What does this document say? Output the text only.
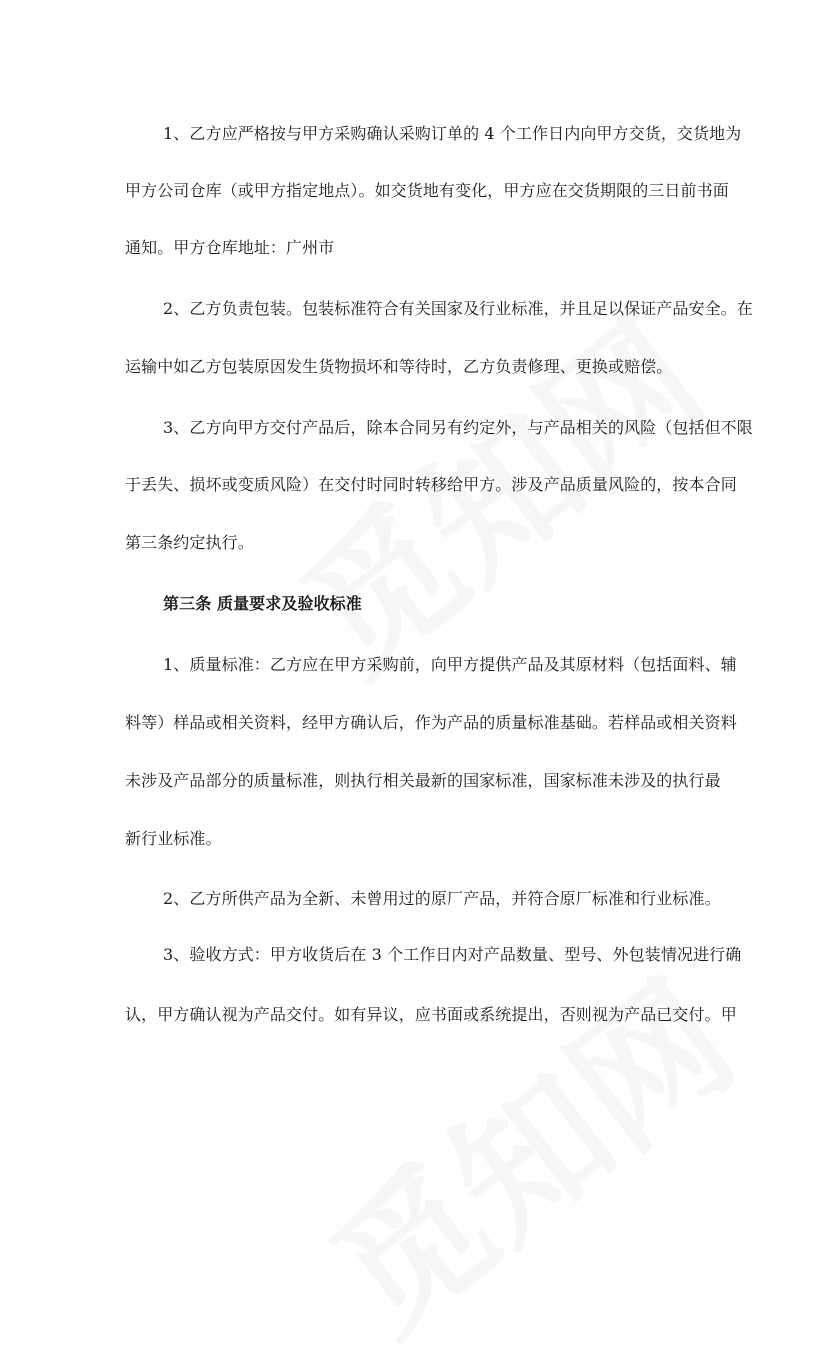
1、乙方应严格按与甲方采购确认采购订单的 4 个工作日内向甲方交货，交货地为
甲方公司仓库（或甲方指定地点）。如交货地有变化，甲方应在交货期限的三日前书面
通知。甲方仓库地址：广州市
2、乙方负责包装。包装标准符合有关国家及行业标准，并且足以保证产品安全。在
运输中如乙方包装原因发生货物损坏和等待时，乙方负责修理、更换或赔偿。
3、乙方向甲方交付产品后，除本合同另有约定外，与产品相关的风险（包括但不限
于丢失、损坏或变质风险）在交付时同时转移给甲方。涉及产品质量风险的，按本合同
第三条约定执行。
第三条 质量要求及验收标准
1、质量标准：乙方应在甲方采购前，向甲方提供产品及其原材料（包括面料、辅
料等）样品或相关资料，经甲方确认后，作为产品的质量标准基础。若样品或相关资料
未涉及产品部分的质量标准，则执行相关最新的国家标准，国家标准未涉及的执行最
新行业标准。
2、乙方所供产品为全新、未曾用过的原厂产品，并符合原厂标准和行业标准。
3、验收方式：甲方收货后在 3 个工作日内对产品数量、型号、外包装情况进行确
认，甲方确认视为产品交付。如有异议，应书面或系统提出，否则视为产品已交付。甲
